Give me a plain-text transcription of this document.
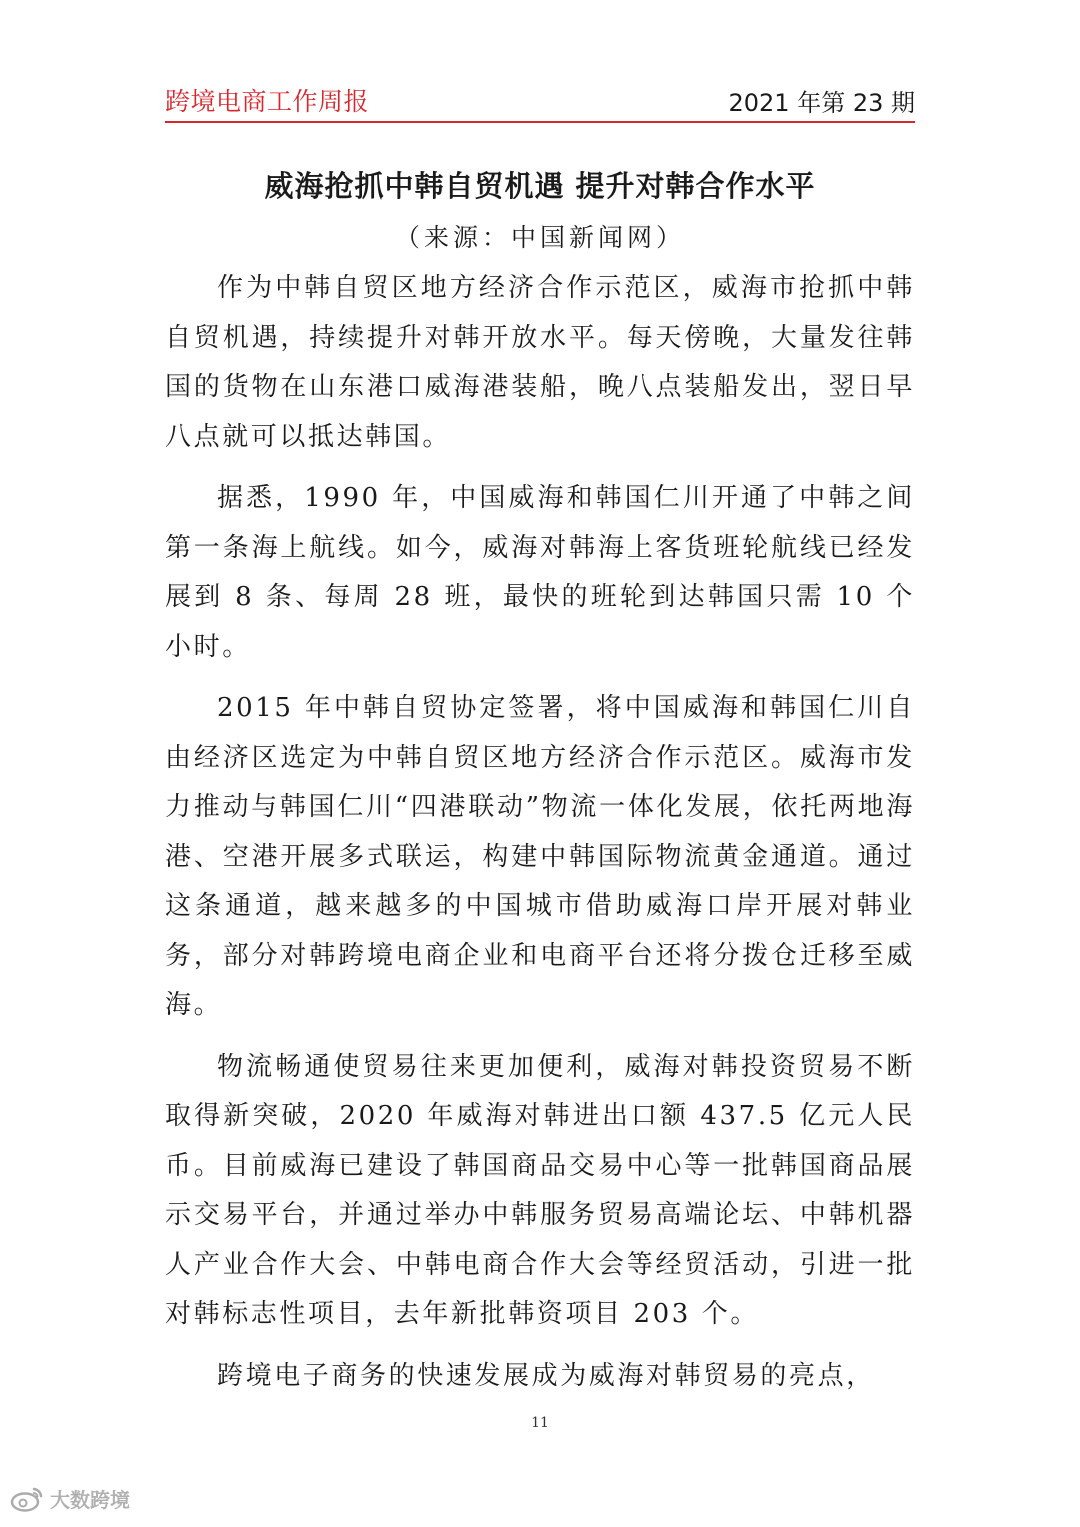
跨境电商工作周报	2021 年第 23 期
威海抢抓中韩自贸机遇 提升对韩合作水平
（来源：中国新闻网）

作为中韩自贸区地方经济合作示范区，威海市抢抓中韩自贸机遇，持续提升对韩开放水平。每天傍晚，大量发往韩国的货物在山东港口威海港装船，晚八点装船发出，翌日早八点就可以抵达韩国。

据悉，1990 年，中国威海和韩国仁川开通了中韩之间第一条海上航线。如今，威海对韩海上客货班轮航线已经发展到 8 条、每周 28 班，最快的班轮到达韩国只需 10 个小时。

2015 年中韩自贸协定签署，将中国威海和韩国仁川自由经济区选定为中韩自贸区地方经济合作示范区。威海市发力推动与韩国仁川“四港联动”物流一体化发展，依托两地海港、空港开展多式联运，构建中韩国际物流黄金通道。通过这条通道，越来越多的中国城市借助威海口岸开展对韩业务，部分对韩跨境电商企业和电商平台还将分拨仓迁移至威海。

物流畅通使贸易往来更加便利，威海对韩投资贸易不断取得新突破，2020 年威海对韩进出口额 437.5 亿元人民币。目前威海已建设了韩国商品交易中心等一批韩国商品展示交易平台，并通过举办中韩服务贸易高端论坛、中韩机器人产业合作大会、中韩电商合作大会等经贸活动，引进一批对韩标志性项目，去年新批韩资项目 203 个。

跨境电子商务的快速发展成为威海对韩贸易的亮点，

11
大数跨境
